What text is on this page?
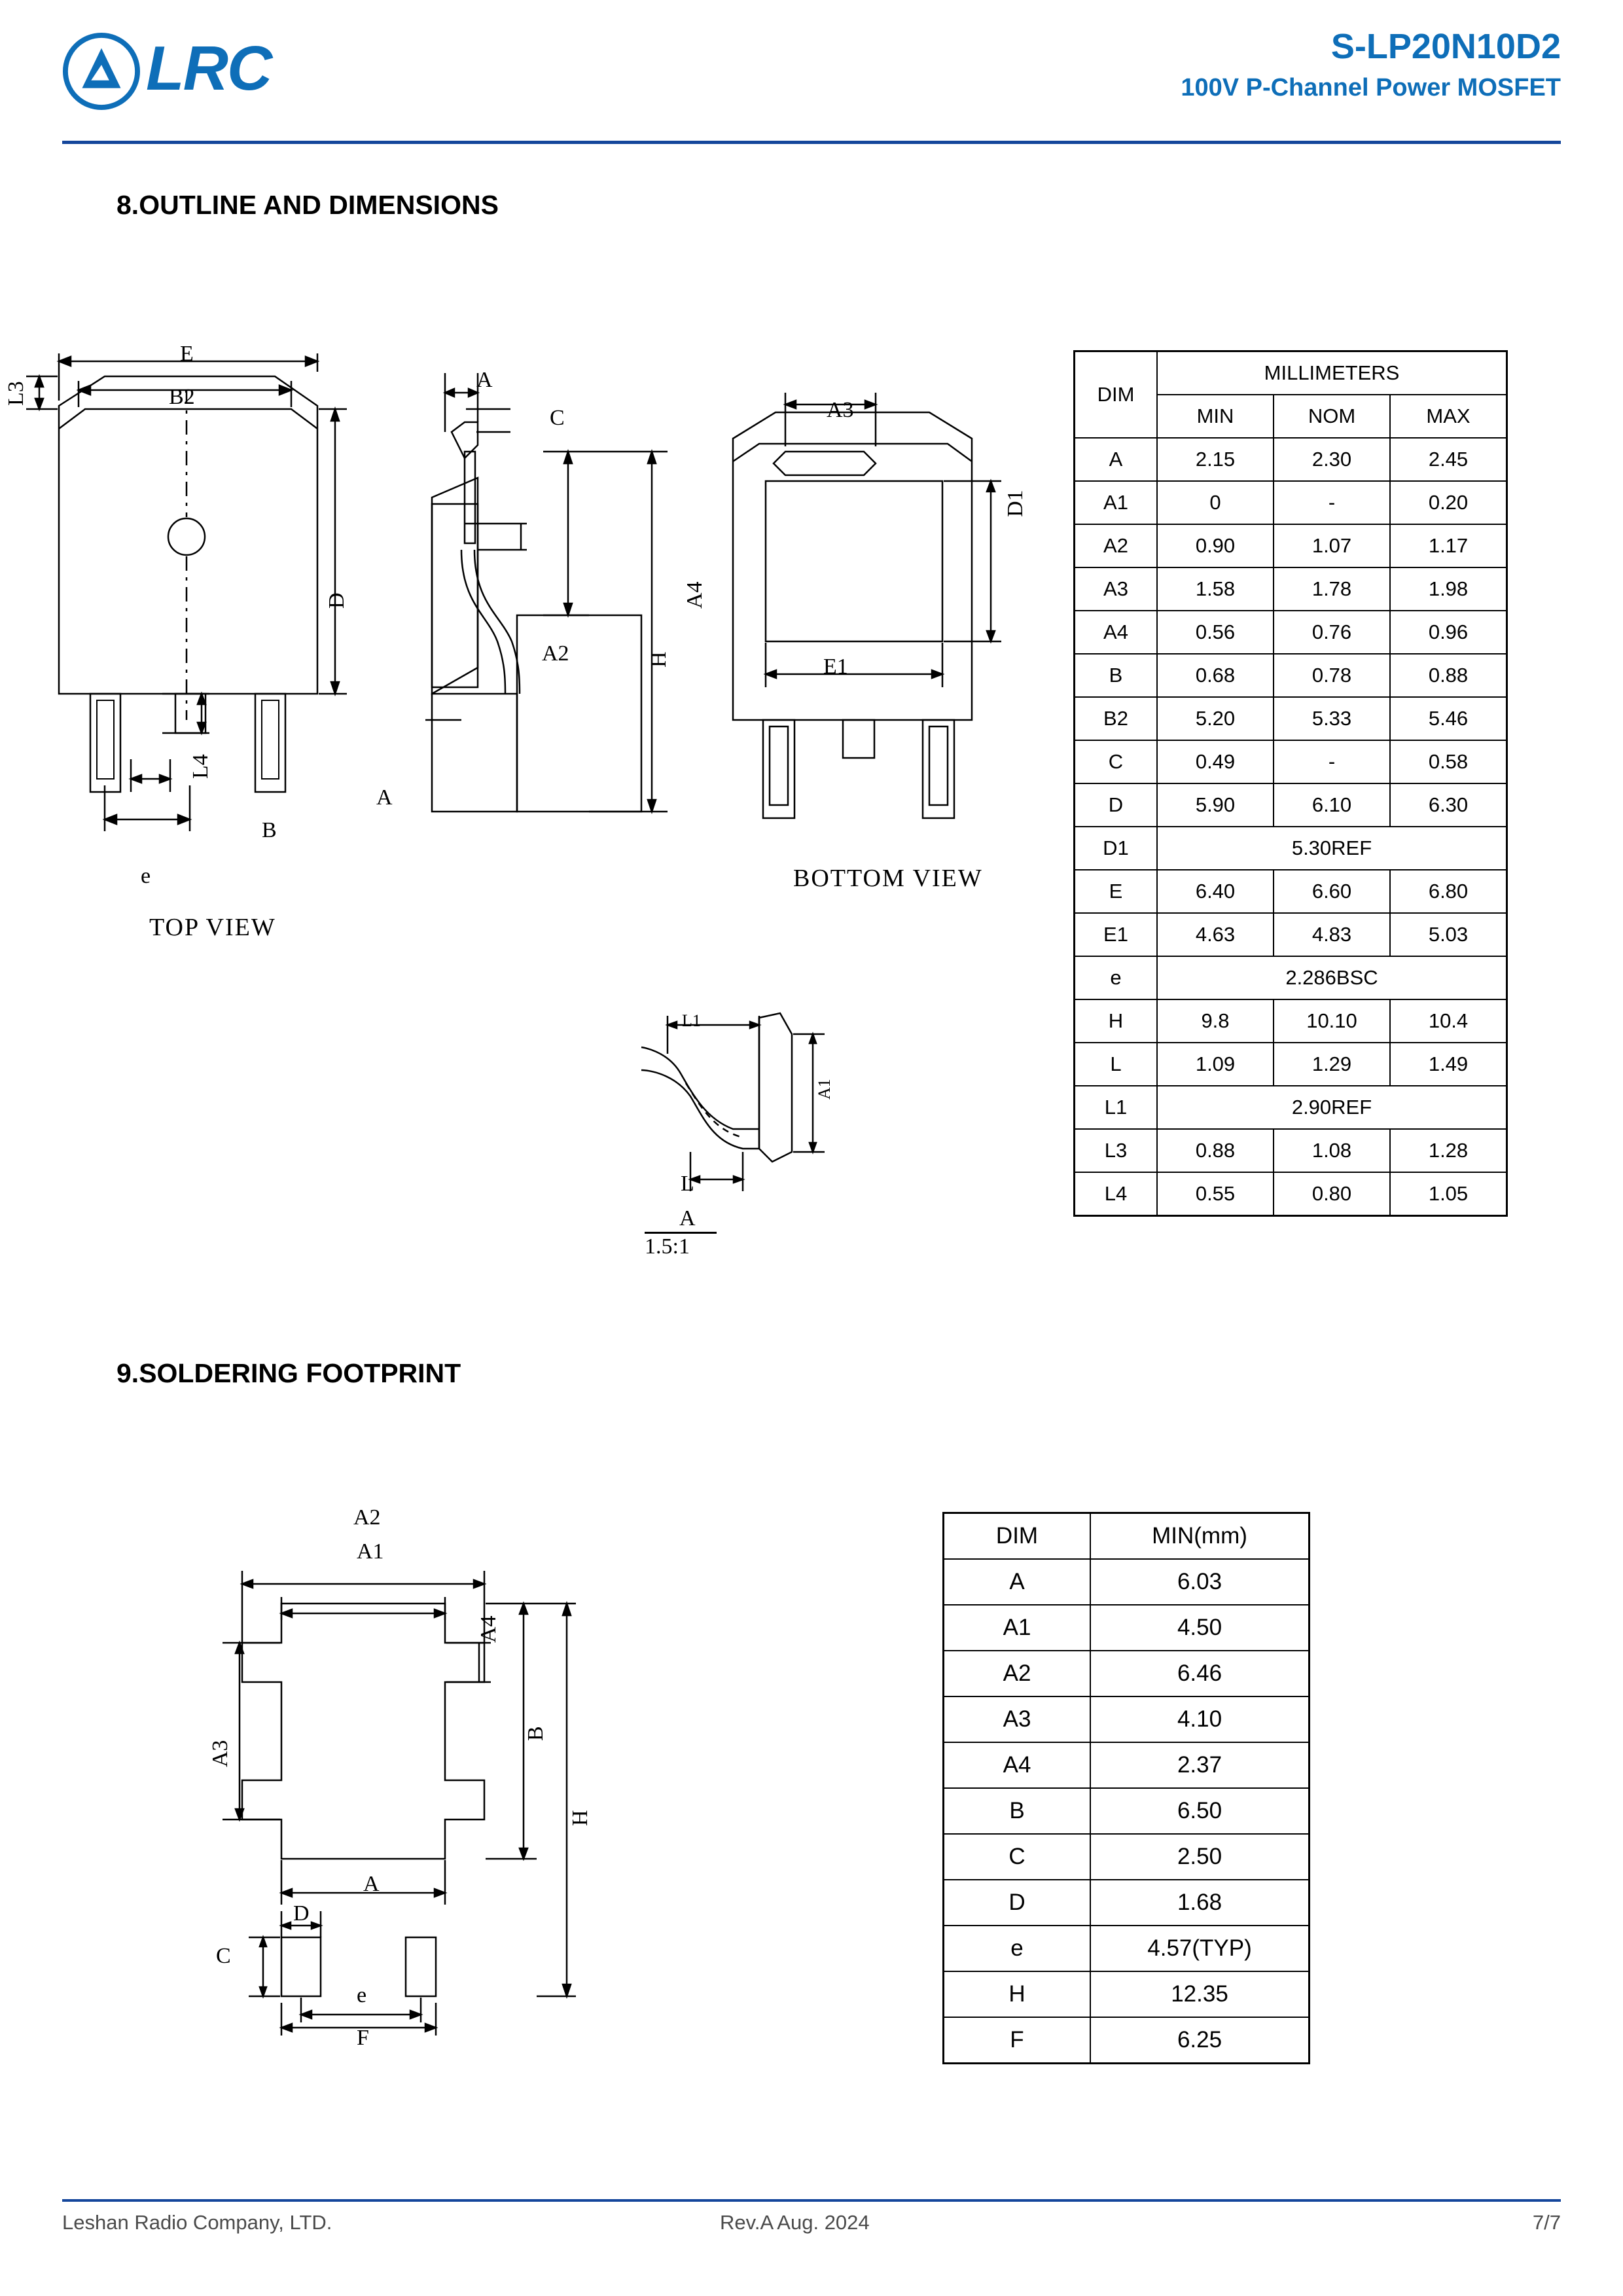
LRC	S-LP20N10D2
100V P-Channel Power MOSFET
8.OUTLINE AND DIMENSIONS
E
B2
L3
D
L4
B
e
TOP VIEW
A
C
A2
A4
H
A
A3
D1
E1
BOTTOM VIEW
L1
A1
L
A
1.5:1
DIM	MILLIMETERS		
	MIN	NOM	MAX
A	2.15	2.30	2.45
A1	0	-	0.20
A2	0.90	1.07	1.17
A3	1.58	1.78	1.98
A4	0.56	0.76	0.96
B	0.68	0.78	0.88
B2	5.20	5.33	5.46
C	0.49	-	0.58
D	5.90	6.10	6.30
D1	5.30REF		
E	6.40	6.60	6.80
E1	4.63	4.83	5.03
e	2.286BSC		
H	9.8	10.10	10.4
L	1.09	1.29	1.49
L1	2.90REF		
L3	0.88	1.08	1.28
L4	0.55	0.80	1.05
9.SOLDERING FOOTPRINT
A2
A1
A4
A3
B
A
H
D
C
e
F
DIM	MIN(mm)
A	6.03
A1	4.50
A2	6.46
A3	4.10
A4	2.37
B	6.50
C	2.50
D	1.68
e	4.57(TYP)
H	12.35
F	6.25
Leshan Radio Company, LTD.	Rev.A Aug. 2024	7/7
